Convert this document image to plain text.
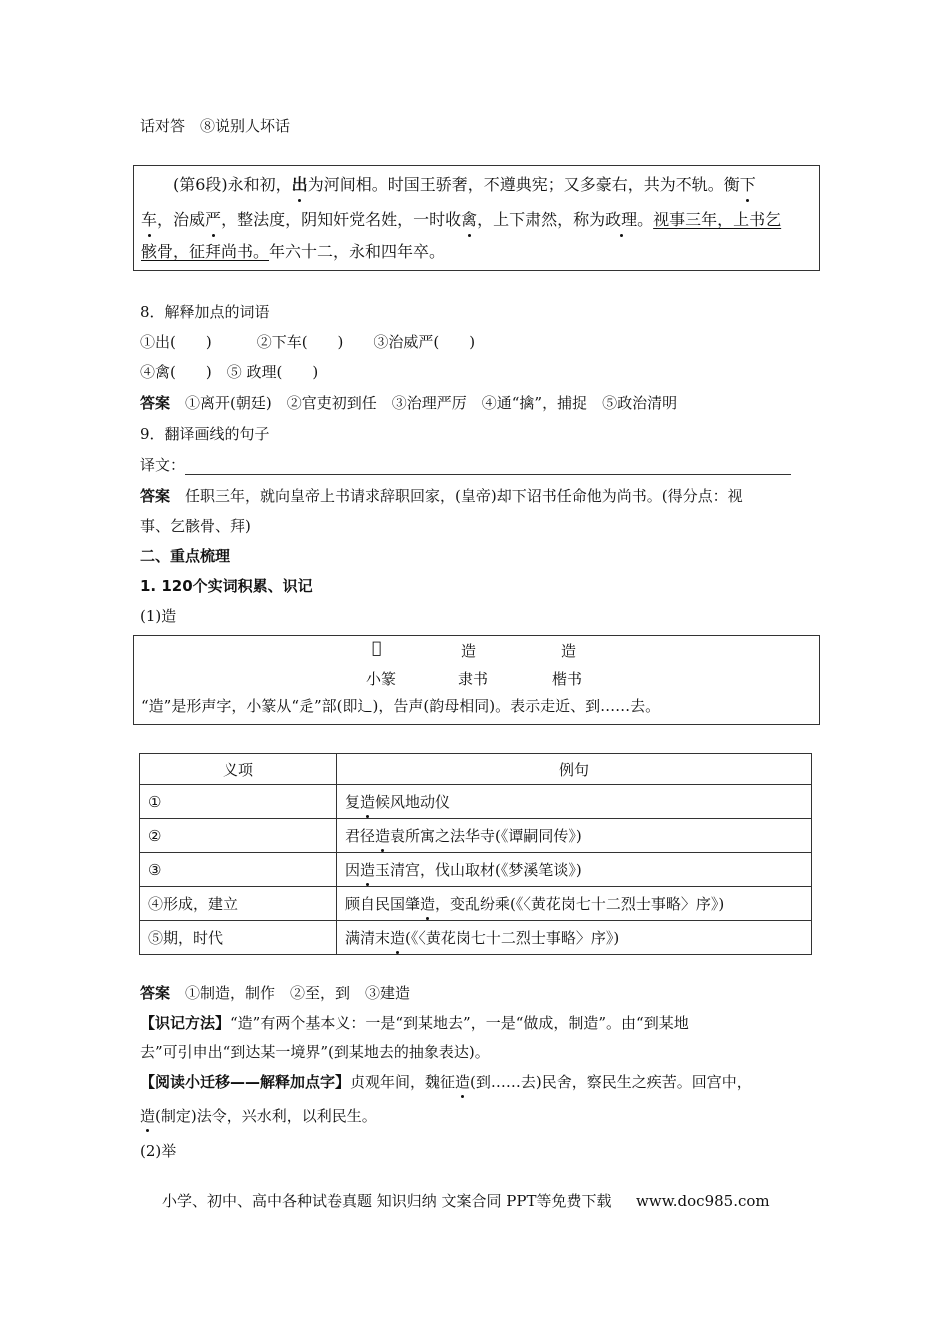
话对答　⑧说别人坏话
(第6段)永和初，出为河间相。时国王骄奢，不遵典宪；又多豪右，共为不轨。衡下
车，治威严，整法度，阴知奸党名姓，一时收禽，上下肃然，称为政理。视事三年，上书乞
骸骨，征拜尚书。年六十二，永和四年卒。
8．解释加点的词语
①出(　　)　　　②下车(　　)　　③治威严(　　)
④禽(　　)　⑤ 政理(　　)
答案　 ①离开(朝廷)　②官吏初到任　③治理严厉　④通“擒”，捕捉　⑤政治清明
9．翻译画线的句子
译文：
答案　 任职三年，就向皇帝上书请求辞职回家，(皇帝)却下诏书任命他为尚书。(得分点：视
事、乞骸骨、拜)
二、重点梳理
1. 120个实词积累、识记
(1)造
𨐋	造	造
小篆	隶书	楷书
“造”是形声字，小篆从“辵”部(即⻌)，告声(韵母相同)。表示走近、到……去。
义项	例句
①	复造候风地动仪
②	君径造袁所寓之法华寺(《谭嗣同传》)
③	因造玉清宫，伐山取材(《梦溪笔谈》)
④形成，建立	顾自民国肇造，变乱纷乘(《〈黄花岗七十二烈士事略〉序》)
⑤期，时代	满清末造(《〈黄花岗七十二烈士事略〉序》)
答案　 ①制造，制作　②至，到　③建造
【识记方法】“造”有两个基本义：一是“到某地去”，一是“做成，制造”。由“到某地
去”可引申出“到达某一境界”(到某地去的抽象表达)。
【阅读小迁移——解释加点字】贞观年间，魏征造(到……去)民舍，察民生之疾苦。回宫中，
造(制定)法令，兴水利，以利民生。
(2)举
小学、初中、高中各种试卷真题 知识归纳 文案合同 PPT等免费下载　  www.doc985.com
